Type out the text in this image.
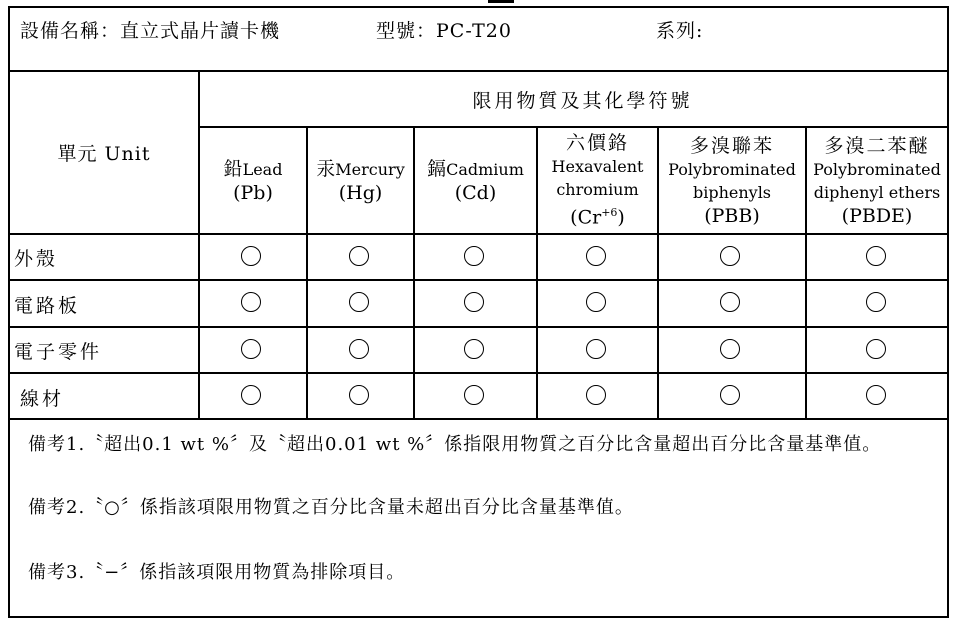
設備名稱：直立式晶片讀卡機	型號：PC-T20	系列:
單元 Unit
限用物質及其化學符號
鉛Lead
(Pb)
汞Mercury
(Hg)
鎘Cadmium
(Cd)
六價鉻
Hexavalent
chromium
$(Cr^{+6})$
多溴聯苯
Polybrominated
biphenyls
(PBB)
多溴二苯醚
Polybrominated
diphenyl ethers
(PBDE)
外殼
電路板
電子零件
線材
備考1.〝超出0.1 wt %〞及〝超出0.01 wt %〞係指限用物質之百分比含量超出百分比含量基準值。
備考2.〝○〞係指該項限用物質之百分比含量未超出百分比含量基準值。
備考3.〝−〞係指該項限用物質為排除項目。
